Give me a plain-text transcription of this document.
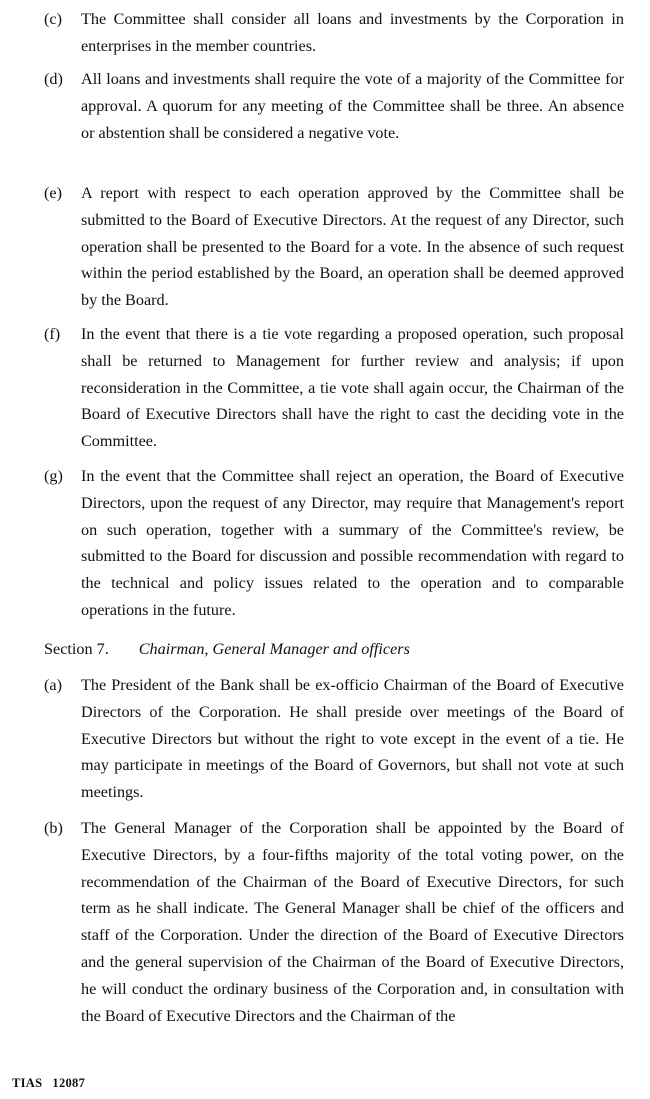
(c) The Committee shall consider all loans and investments by the Corporation in enterprises in the member countries.
(d) All loans and investments shall require the vote of a majority of the Committee for approval. A quorum for any meeting of the Committee shall be three. An absence or abstention shall be considered a negative vote.
(e) A report with respect to each operation approved by the Committee shall be submitted to the Board of Executive Directors. At the request of any Director, such operation shall be presented to the Board for a vote. In the absence of such request within the period established by the Board, an operation shall be deemed approved by the Board.
(f) In the event that there is a tie vote regarding a proposed operation, such proposal shall be returned to Management for further review and analysis; if upon reconsideration in the Committee, a tie vote shall again occur, the Chairman of the Board of Executive Directors shall have the right to cast the deciding vote in the Committee.
(g) In the event that the Committee shall reject an operation, the Board of Executive Directors, upon the request of any Director, may require that Management's report on such operation, together with a summary of the Committee's review, be submitted to the Board for discussion and possible recommendation with regard to the technical and policy issues related to the operation and to comparable operations in the future.
Section 7. Chairman, General Manager and officers
(a) The President of the Bank shall be ex-officio Chairman of the Board of Executive Directors of the Corporation. He shall preside over meetings of the Board of Executive Directors but without the right to vote except in the event of a tie. He may participate in meetings of the Board of Governors, but shall not vote at such meetings.
(b) The General Manager of the Corporation shall be appointed by the Board of Executive Directors, by a four-fifths majority of the total voting power, on the recommendation of the Chairman of the Board of Executive Directors, for such term as he shall indicate. The General Manager shall be chief of the officers and staff of the Corporation. Under the direction of the Board of Executive Directors and the general supervision of the Chairman of the Board of Executive Directors, he will conduct the ordinary business of the Corporation and, in consultation with the Board of Executive Directors and the Chairman of the
TIAS 12087
